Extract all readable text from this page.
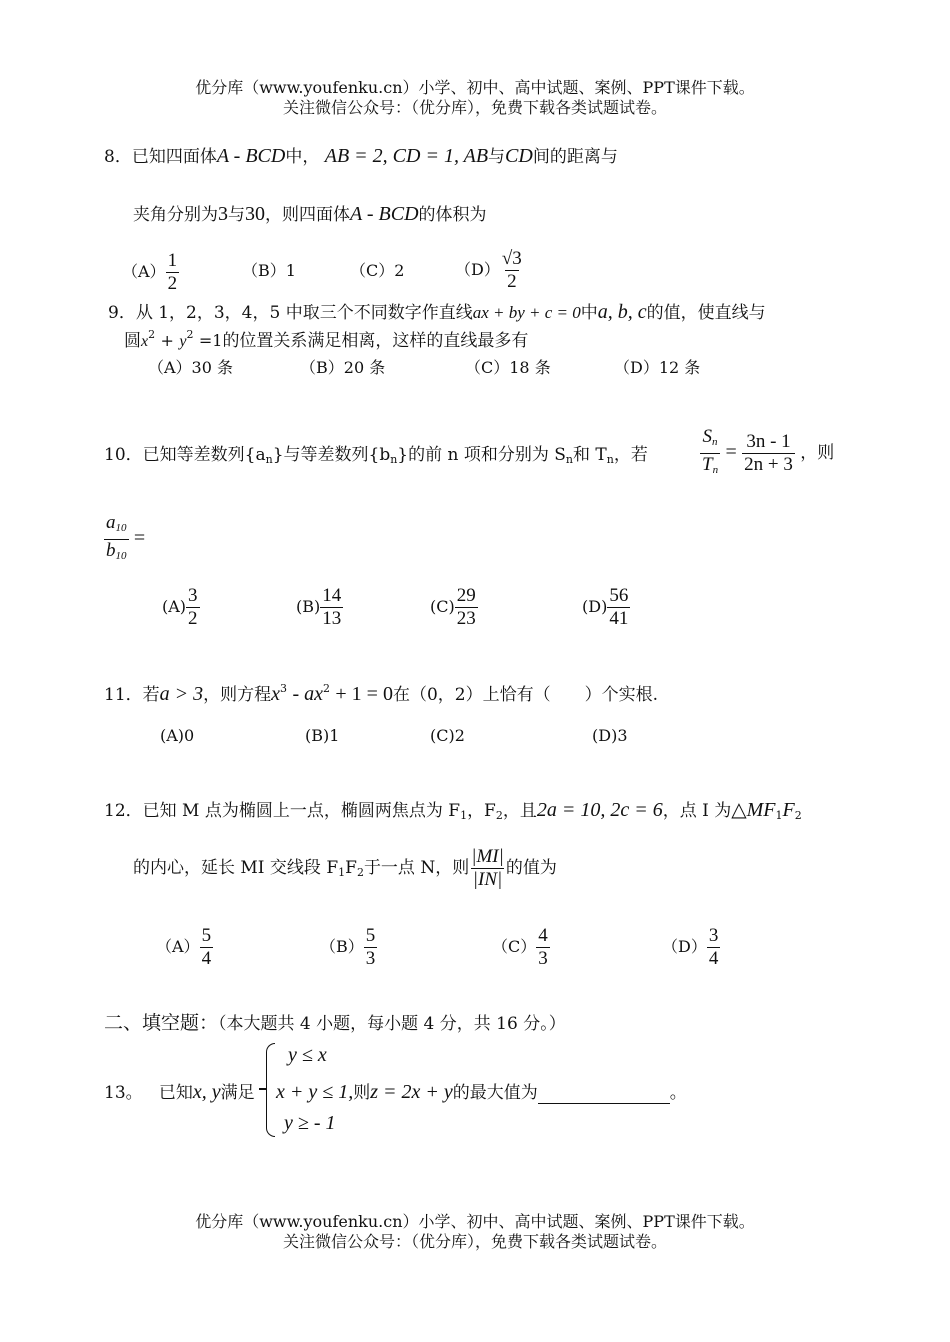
优分库（www.youfenku.cn）小学、初中、高中试题、案例、PPT课件下载。
关注微信公众号：（优分库），免费下载各类试题试卷。
8．已知四面体A - BCD中， AB = 2, CD = 1, AB与CD间的距离与
夹角分别为3与30，则四面体A - BCD的体积为
$(A) \frac{1}{2}$	（B）1	（C）2	$(D) \frac{√3}{2}$
9．从 1，2，3，4，5 中取三个不同数字作直线ax + by + c = 0中a, b, c的值，使直线与
圆$x^2 + y^2 =1$的位置关系满足相离，这样的直线最多有
（A）30 条	（B）20 条	（C）18 条	（D）12 条
10．已知等差数列$\{a_n\}$与等差数列$\{b_n\}$的前 n 项和分别为 $S_n$和 $T_n$，若	$\frac{S_n}{T_n} = \frac{3n - 1}{2n + 3}$ ，则
$\frac{a_{10}}{b_{10}}$ =
$(A) \frac{3}{2}$	$(B) \frac{14}{13}$	$(C) \frac{29}{23}$	$(D) \frac{56}{41}$
11．若a > 3，则方程$x^3 - ax^2 + 1 = 0$在（0，2）上恰有（　　）个实根.
(A)0	(B)1	(C)2	(D)3
12．已知 M 点为椭圆上一点，椭圆两焦点为 $F_1$，$F_2$，且2a = 10, 2c = 6，点 I 为$\triangle MF_1F_2$
的内心，延长 MI 交线段 $F_1F_2$于一点 N，则 $\frac{|MI|}{|IN|}$ 的值为
$(A) \frac{5}{4}$	$(B) \frac{5}{3}$	$(C) \frac{4}{3}$	$(D) \frac{3}{4}$
二、填空题：（本大题共 4 小题，每小题 4 分，共 16 分。）
y ≤ x
13。 已知x, y满足 x + y ≤ 1,则z = 2x + y的最大值为	。
y ≥ - 1
优分库（www.youfenku.cn）小学、初中、高中试题、案例、PPT课件下载。
关注微信公众号：（优分库），免费下载各类试题试卷。
